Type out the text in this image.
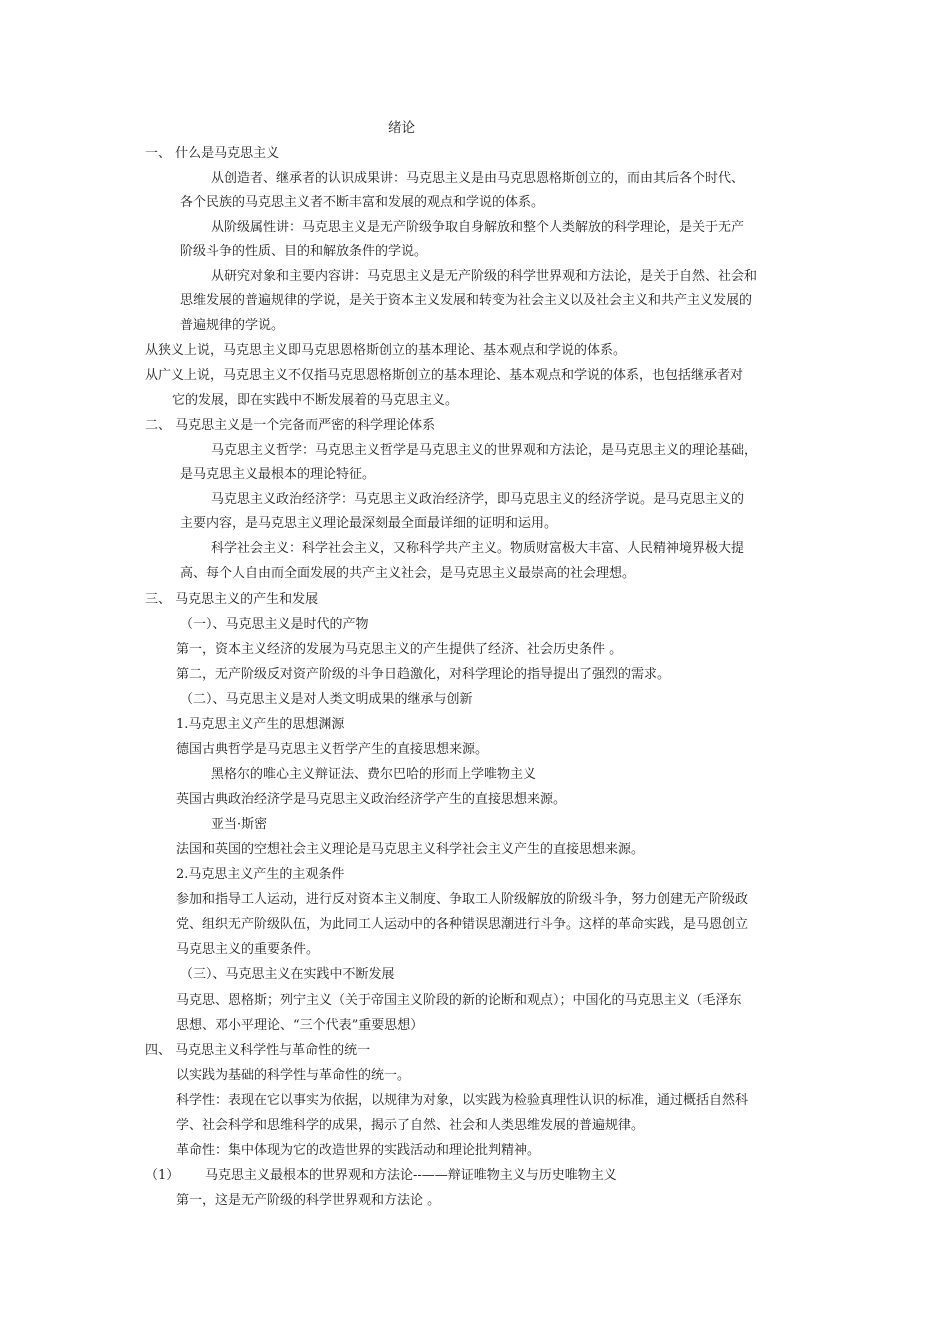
绪论
一、 什么是马克思主义
从创造者、继承者的认识成果讲：马克思主义是由马克思恩格斯创立的，而由其后各个时代、
各个民族的马克思主义者不断丰富和发展的观点和学说的体系。
从阶级属性讲：马克思主义是无产阶级争取自身解放和整个人类解放的科学理论，是关于无产
阶级斗争的性质、目的和解放条件的学说。
从研究对象和主要内容讲：马克思主义是无产阶级的科学世界观和方法论，是关于自然、社会和
思维发展的普遍规律的学说，是关于资本主义发展和转变为社会主义以及社会主义和共产主义发展的
普遍规律的学说。
从狭义上说，马克思主义即马克思恩格斯创立的基本理论、基本观点和学说的体系。
从广义上说，马克思主义不仅指马克思恩格斯创立的基本理论、基本观点和学说的体系，也包括继承者对
它的发展，即在实践中不断发展着的马克思主义。
二、 马克思主义是一个完备而严密的科学理论体系
马克思主义哲学：马克思主义哲学是马克思主义的世界观和方法论，是马克思主义的理论基础，
是马克思主义最根本的理论特征。
马克思主义政治经济学：马克思主义政治经济学，即马克思主义的经济学说。是马克思主义的
主要内容，是马克思主义理论最深刻最全面最详细的证明和运用。
科学社会主义：科学社会主义，又称科学共产主义。物质财富极大丰富、人民精神境界极大提
高、每个人自由而全面发展的共产主义社会，是马克思主义最崇高的社会理想。
三、 马克思主义的产生和发展
（一）、马克思主义是时代的产物
第一，资本主义经济的发展为马克思主义的产生提供了经济、社会历史条件 。
第二，无产阶级反对资产阶级的斗争日趋激化，对科学理论的指导提出了强烈的需求。
（二）、马克思主义是对人类文明成果的继承与创新
1.马克思主义产生的思想渊源
德国古典哲学是马克思主义哲学产生的直接思想来源。
黑格尔的唯心主义辩证法、费尔巴哈的形而上学唯物主义
英国古典政治经济学是马克思主义政治经济学产生的直接思想来源。
亚当·斯密
法国和英国的空想社会主义理论是马克思主义科学社会主义产生的直接思想来源。
2.马克思主义产生的主观条件
参加和指导工人运动，进行反对资本主义制度、争取工人阶级解放的阶级斗争，努力创建无产阶级政
党、组织无产阶级队伍，为此同工人运动中的各种错误思潮进行斗争。这样的革命实践，是马恩创立
马克思主义的重要条件。
（三）、马克思主义在实践中不断发展
马克思、恩格斯；列宁主义（关于帝国主义阶段的新的论断和观点）；中国化的马克思主义（毛泽东
思想、邓小平理论、“三个代表”重要思想）
四、 马克思主义科学性与革命性的统一
以实践为基础的科学性与革命性的统一。
科学性：表现在它以事实为依据，以规律为对象，以实践为检验真理性认识的标准，通过概括自然科
学、社会科学和思维科学的成果，揭示了自然、社会和人类思维发展的普遍规律。
革命性：集中体现为它的改造世界的实践活动和理论批判精神。
（1） 马克思主义最根本的世界观和方法论--——辩证唯物主义与历史唯物主义
第一，这是无产阶级的科学世界观和方法论 。
